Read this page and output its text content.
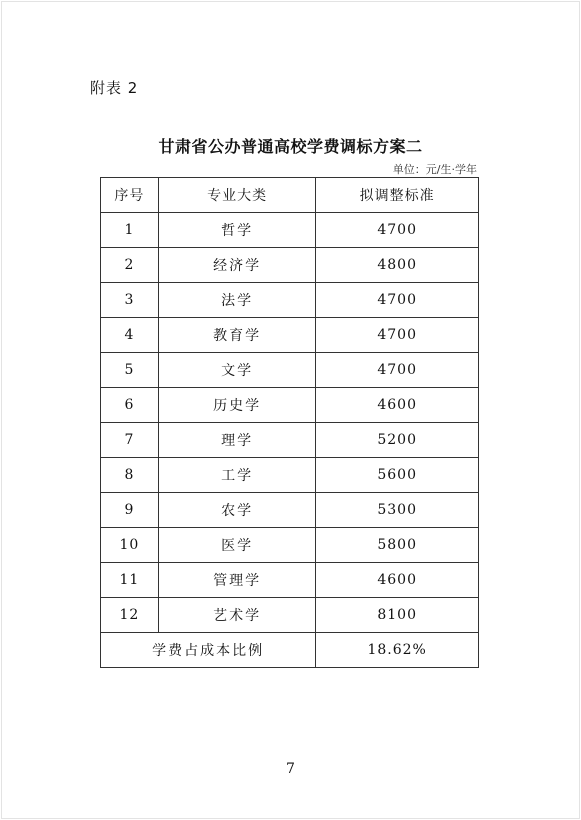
附表 2
甘肃省公办普通高校学费调标方案二
单位：元/生·学年
序号	专业大类	拟调整标准
1	哲学	4700
2	经济学	4800
3	法学	4700
4	教育学	4700
5	文学	4700
6	历史学	4600
7	理学	5200
8	工学	5600
9	农学	5300
10	医学	5800
11	管理学	4600
12	艺术学	8100
学费占成本比例		18.62%
7
